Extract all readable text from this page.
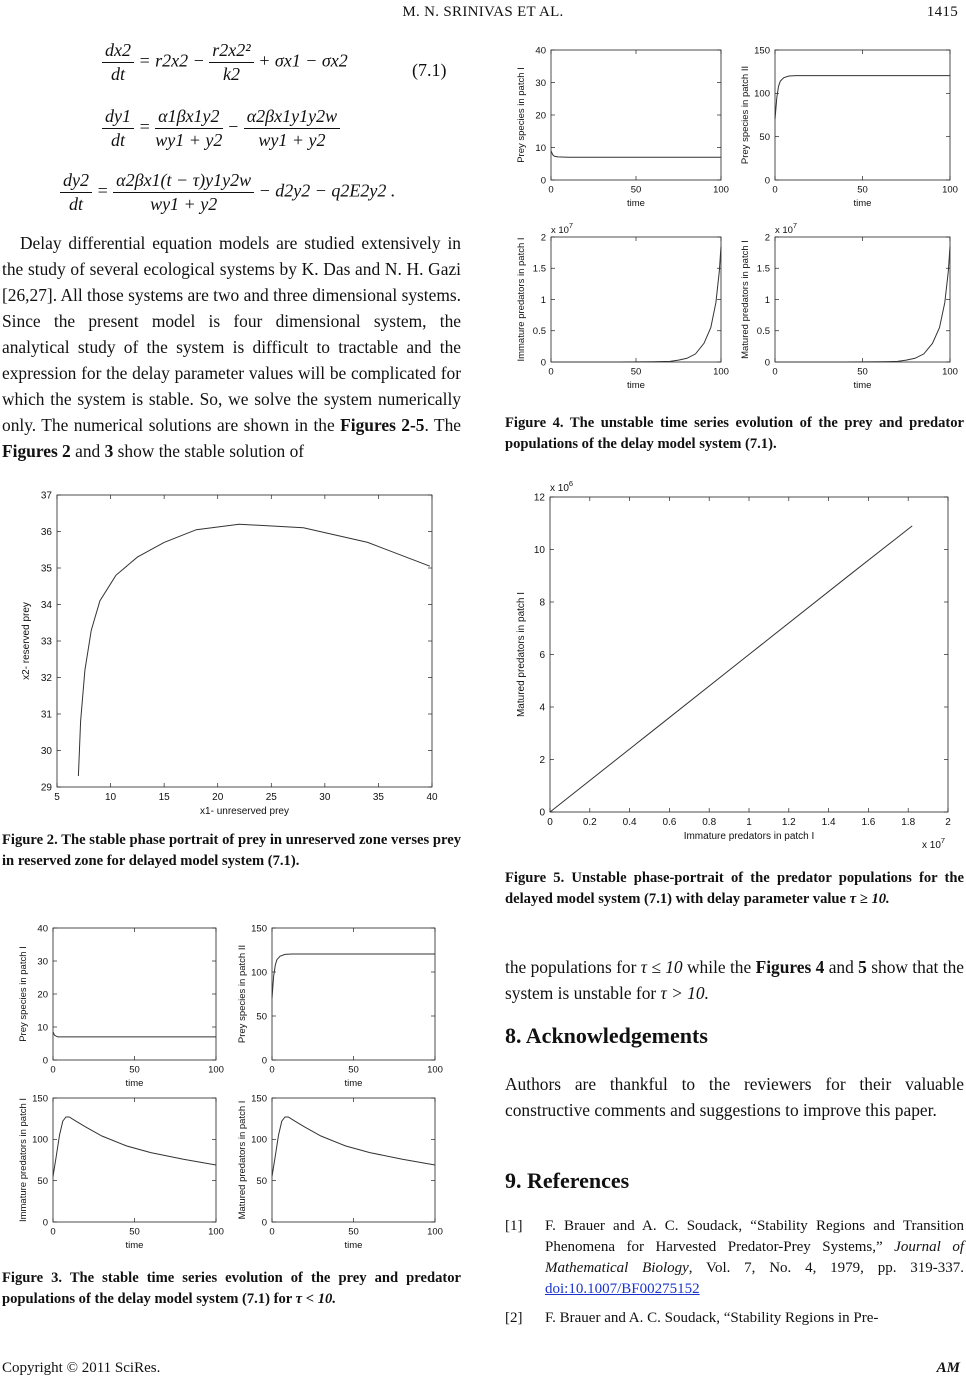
M. N. SRINIVAS ET AL.	1415
$\frac{dx2}{dt} = r2x2 - \frac{\text{r2x2²}}{k2} + \sigma x1 - \sigma x2$	(7.1)
$\frac{dy1}{dt} = \frac{\alpha 1\beta x1y2}{wy1 + y2} - \frac{\alpha 2\beta x1y1y2w}{wy1 + y2}$
$\frac{dy2}{dt} = \frac{\alpha 2\beta x1(t - \tau)y1y2w}{wy1 + y2} - d2y2 - q2E2y2$ .
Delay differential equation models are studied extensively in the study of several ecological systems by K. Das and N. H. Gazi [26,27]. All those systems are two and three dimensional systems. Since the present model is four dimensional system, the analytical study of the system is difficult to tractable and the expression for the delay parameter values will be complicated for which the system is stable. So, we solve the system numerically only. The numerical solutions are shown in the Figures 2-5. The Figures 2 and 3 show the stable solution of
5	10	15	20	25	30	35	40
29
30
31
32
33
34
35
36
37
x1- unreserved prey
x2- reserved prey
Figure 2. The stable phase portrait of prey in unreserved zone verses prey in reserved zone for delayed model system (7.1).
0	50	100
0
10
20
30
40
time
Prey species in patch I
0	50	100
0
50
100
150
time
Prey species in patch II
0	50	100
0
50
100
150
time
Immature predators in patch I
0	50	100
0
50
100
150
time
Matured predators in patch I
Figure 3. The stable time series evolution of the prey and predator populations of the delay model system (7.1) for τ < 10.
0	50	100
0
10
20
30
40
time
Prey species in patch I
0	50	100
0
50
100
150
time
Prey species in patch II
0	50	100
0
0.5
1
1.5
2
time
Immature predators in patch I
x $10^7$
0	50	100
0
0.5
1
1.5
2
time
Matured predators in patch I
x $10^7$
Figure 4. The unstable time series evolution of the prey and predator populations of the delay model system (7.1).
0	0.2	0.4	0.6	0.8	1	1.2	1.4	1.6	1.8	2
0
2
4
6
8
10
12
Immature predators in patch I
Matured predators in patch I
x $10^6$
x $10^7$
Figure 5. Unstable phase-portrait of the predator populations for the delayed model system (7.1) with delay parameter value τ ≥ 10.
the populations for τ ≤ 10 while the Figures 4 and 5 show that the system is unstable for τ > 10.
8. Acknowledgements
Authors are thankful to the reviewers for their valuable constructive comments and suggestions to improve this paper.
9. References
[1] F. Brauer and A. C. Soudack, “Stability Regions and Transition Phenomena for Harvested Predator-Prey Systems,” Journal of Mathematical Biology, Vol. 7, No. 4, 1979, pp. 319-337. doi:10.1007/BF00275152
[2] F. Brauer and A. C. Soudack, “Stability Regions in Pre-
Copyright © 2011 SciRes.	AM
